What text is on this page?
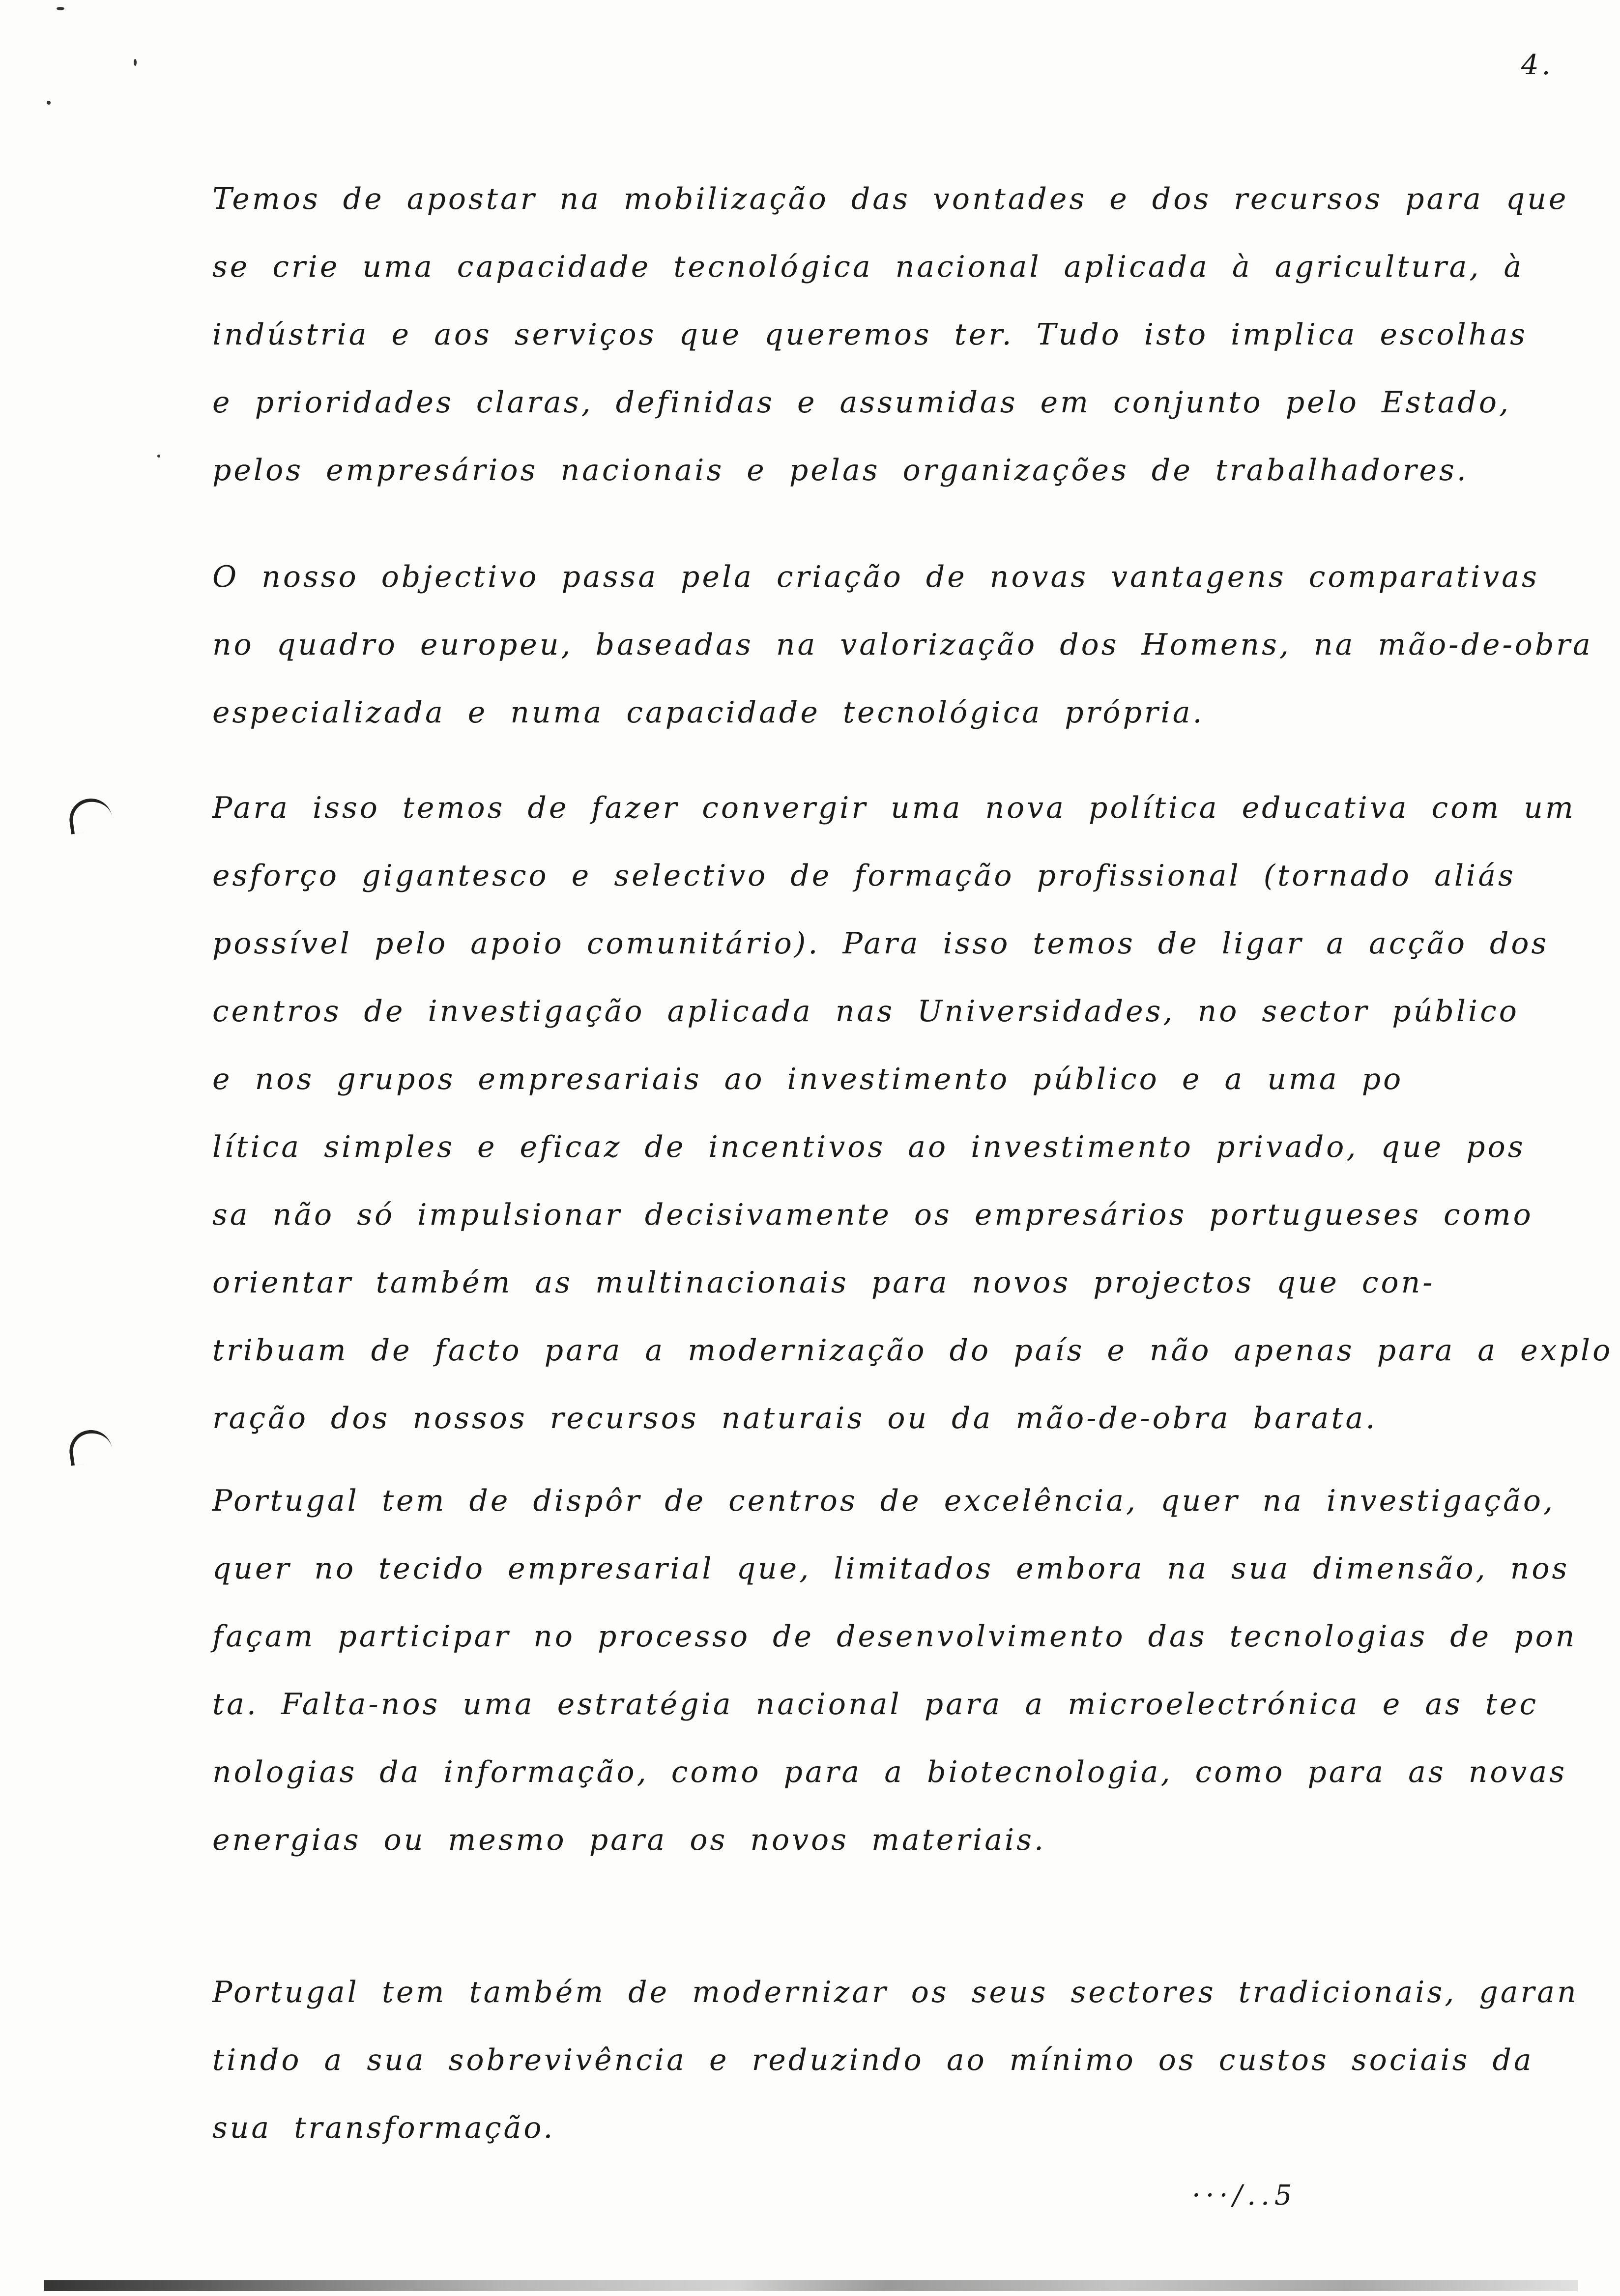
4.

Temos de apostar na mobilização das vontades e dos recursos para que
se crie uma capacidade tecnológica nacional aplicada à agricultura, à
indústria e aos serviços que queremos ter. Tudo isto implica escolhas
e prioridades claras, definidas e assumidas em conjunto pelo Estado,
pelos empresários nacionais e pelas organizações de trabalhadores.

O nosso objectivo passa pela criação de novas vantagens comparativas
no quadro europeu, baseadas na valorização dos Homens, na mão-de-obra
especializada e numa capacidade tecnológica própria.

Para isso temos de fazer convergir uma nova política educativa com um
esforço gigantesco e selectivo de formação profissional (tornado aliás
possível pelo apoio comunitário). Para isso temos de ligar a acção dos
centros de investigação aplicada nas Universidades, no sector público
e nos grupos empresariais ao investimento público e a uma po
lítica simples e eficaz de incentivos ao investimento privado, que pos
sa não só impulsionar decisivamente os empresários portugueses como
orientar também as multinacionais para novos projectos que con-
tribuam de facto para a modernização do país e não apenas para a explo
ração dos nossos recursos naturais ou da mão-de-obra barata.

Portugal tem de dispôr de centros de excelência, quer na investigação,
quer no tecido empresarial que, limitados embora na sua dimensão, nos
façam participar no processo de desenvolvimento das tecnologias de pon
ta. Falta-nos uma estratégia nacional para a microelectrónica e as tec
nologias da informação, como para a biotecnologia, como para as novas
energias ou mesmo para os novos materiais.

Portugal tem também de modernizar os seus sectores tradicionais, garan
tindo a sua sobrevivência e reduzindo ao mínimo os custos sociais da
sua transformação.

···/..5
